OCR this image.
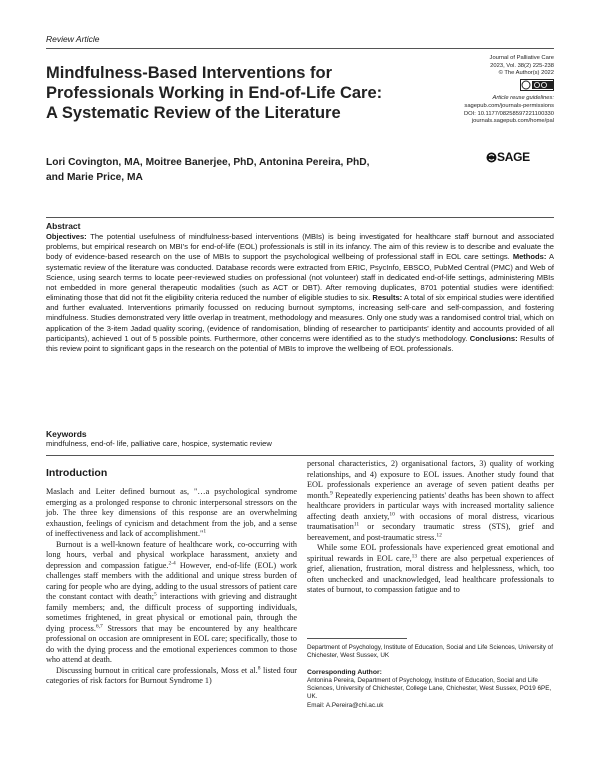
Review Article
Mindfulness-Based Interventions for
Professionals Working in End-of-Life Care:
A Systematic Review of the Literature
Journal of Palliative Care
2023, Vol. 38(2) 225-238
© The Author(s) 2022
Article reuse guidelines:
sagepub.com/journals-permissions
DOI: 10.1177/08258597221100330
journals.sagepub.com/home/pal
SAGE
Lori Covington, MA, Moitree Banerjee, PhD, Antonina Pereira, PhD,
and Marie Price, MA
Abstract

Objectives: The potential usefulness of mindfulness-based interventions (MBIs) is being investigated for healthcare staff burnout and associated problems, but empirical research on MBI's for end-of-life (EOL) professionals is still in its infancy. The aim of this review is to describe and evaluate the body of evidence-based research on the use of MBIs to support the psychological wellbeing of professional staff in EOL care settings. Methods: A systematic review of the literature was conducted. Database records were extracted from ERIC, PsycInfo, EBSCO, PubMed Central (PMC) and Web of Science, using search terms to locate peer-reviewed studies on professional (not volunteer) staff in dedicated end-of-life settings, administering MBIs not embedded in more general therapeutic modalities (such as ACT or DBT). After removing duplicates, 8701 potential studies were identified: eliminating those that did not fit the eligibility criteria reduced the number of eligible studies to six. Results: A total of six empirical studies were identified and further evaluated. Interventions primarily focussed on reducing burnout symptoms, increasing self-care and self-compassion, and fostering mindfulness. Studies demonstrated very little overlap in treatment, methodology and measures. Only one study was a randomised control trial, which on application of the 3-item Jadad quality scoring, (evidence of randomisation, blinding of researcher to participants' identity and accounts provided of all participants), achieved 1 out of 5 possible points. Furthermore, other concerns were identified as to the study's methodology. Conclusions: Results of this review point to significant gaps in the research on the potential of MBIs to improve the wellbeing of EOL professionals.

Keywords
mindfulness, end-of- life, palliative care, hospice, systematic review
Introduction

Maslach and Leiter defined burnout as, "…a psychological syndrome emerging as a prolonged response to chronic interpersonal stressors on the job. The three key dimensions of this response are an overwhelming exhaustion, feelings of cynicism and detachment from the job, and a sense of ineffectiveness and lack of accomplishment."$^1$

Burnout is a well-known feature of healthcare work, co-occurring with long hours, verbal and physical workplace harassment, anxiety and depression and compassion fatigue.$^{2-4}$ However, end-of-life (EOL) work challenges staff members with the additional and unique stress burden of caring for people who are dying, adding to the usual stressors of patient care the constant contact with death;$^5$ interactions with grieving and distraught family members; and, the difficult process of supporting individuals, sometimes frightened, in great physical or emotional pain, through the dying process.$^{6,7}$ Stressors that may be encountered by any healthcare professional on occasion are omnipresent in EOL care; specifically, those to do with the dying process and the emotional experiences common to those who attend at death.

Discussing burnout in critical care professionals, Moss et al.$^8$ listed four categories of risk factors for Burnout Syndrome 1)

personal characteristics, 2) organisational factors, 3) quality of working relationships, and 4) exposure to EOL issues. Another study found that EOL professionals experience an average of seven patient deaths per month.$^9$ Repeatedly experiencing patients' deaths has been shown to affect healthcare providers in particular ways with increased mortality salience affecting death anxiety,$^{10}$ with occasions of moral distress, vicarious traumatisation$^{11}$ or secondary traumatic stress (STS), grief and bereavement, and post-traumatic stress.$^{12}$

While some EOL professionals have experienced great emotional and spiritual rewards in EOL care,$^{13}$ there are also perpetual experiences of grief, alienation, frustration, moral distress and helplessness, which, too often unchecked and unacknowledged, lead healthcare professionals to states of burnout, to compassion fatigue and to

Department of Psychology, Institute of Education, Social and Life Sciences, University of Chichester, West Sussex, UK

Corresponding Author:

Antonina Pereira, Department of Psychology, Institute of Education, Social and Life Sciences, University of Chichester, College Lane, Chichester, West Sussex, PO19 6PE, UK.

Email: A.Pereira@chi.ac.uk
